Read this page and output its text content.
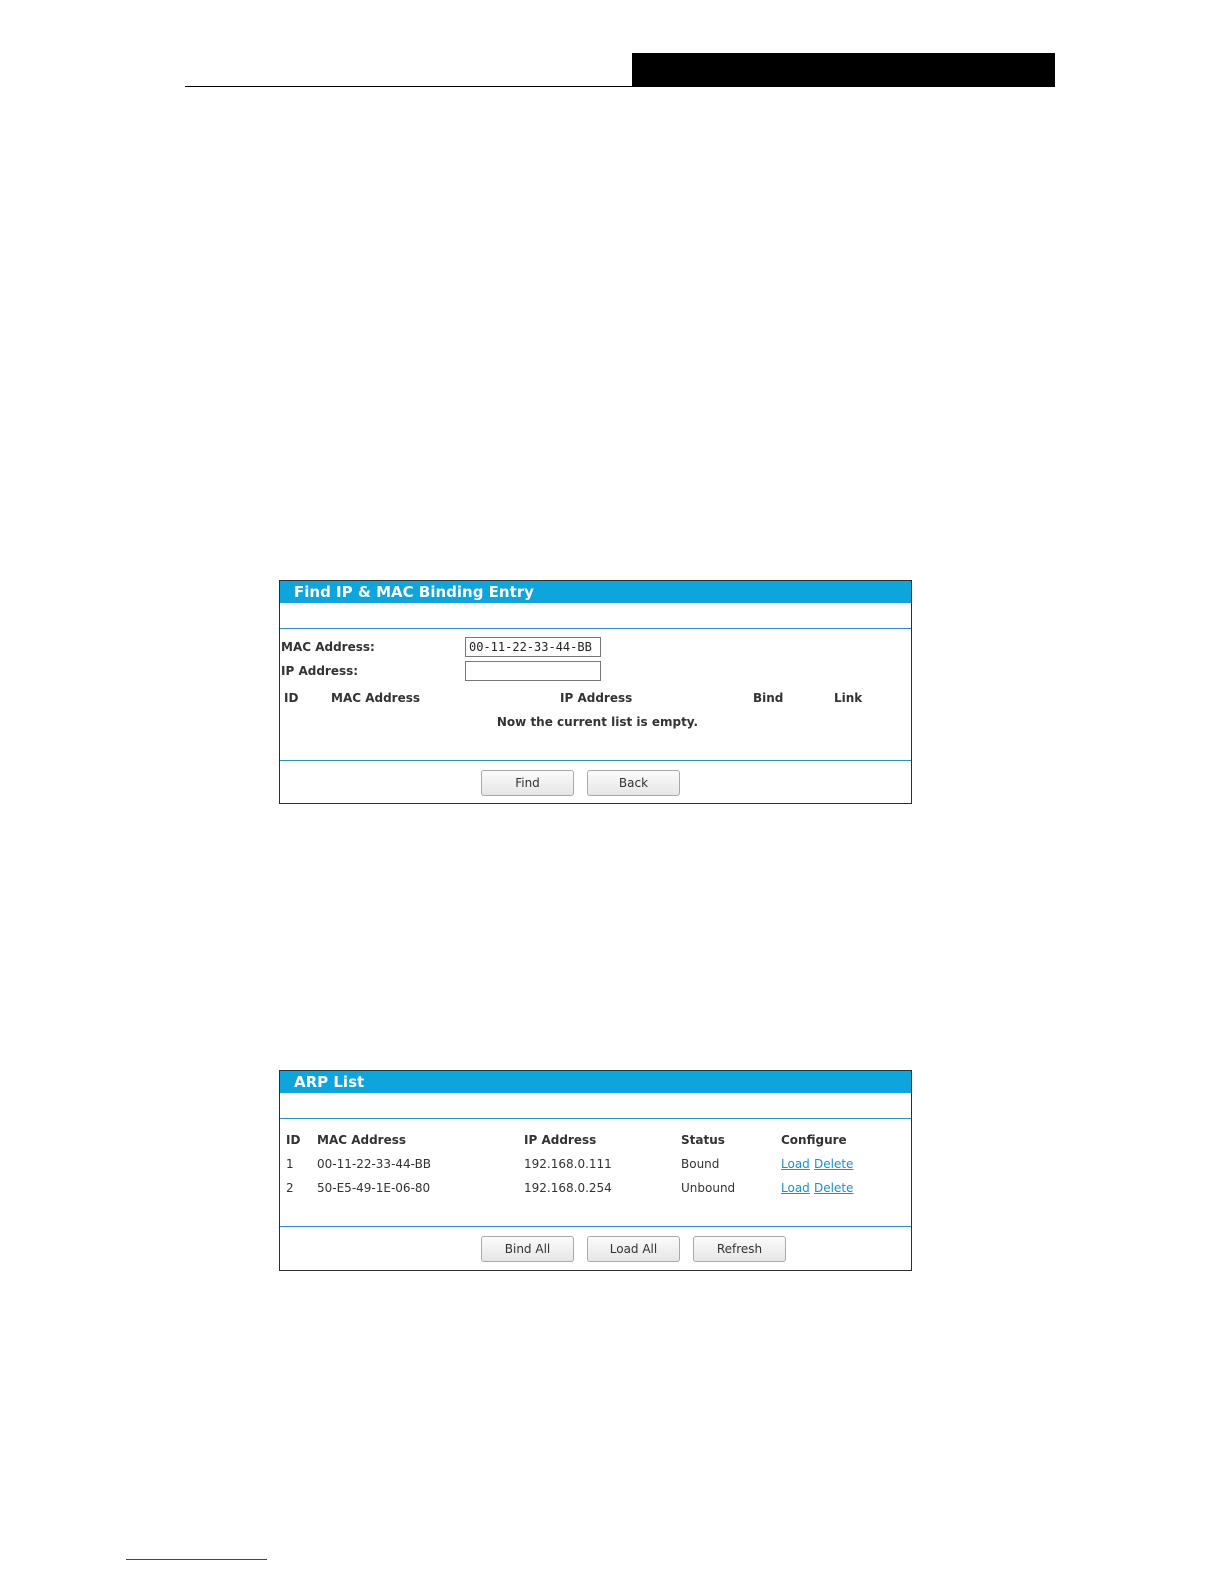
Find IP & MAC Binding Entry
MAC Address:
00-11-22-33-44-BB
IP Address:
ID	MAC Address	IP Address	Bind	Link
Now the current list is empty.
Find	Back
ARP List
ID MAC Address	IP Address	Status	Configure
1 00-11-22-33-44-BB	192.168.0.111	Bound	Load Delete
2 50-E5-49-1E-06-80	192.168.0.254	Unbound	Load Delete
Bind All	Load All	Refresh
